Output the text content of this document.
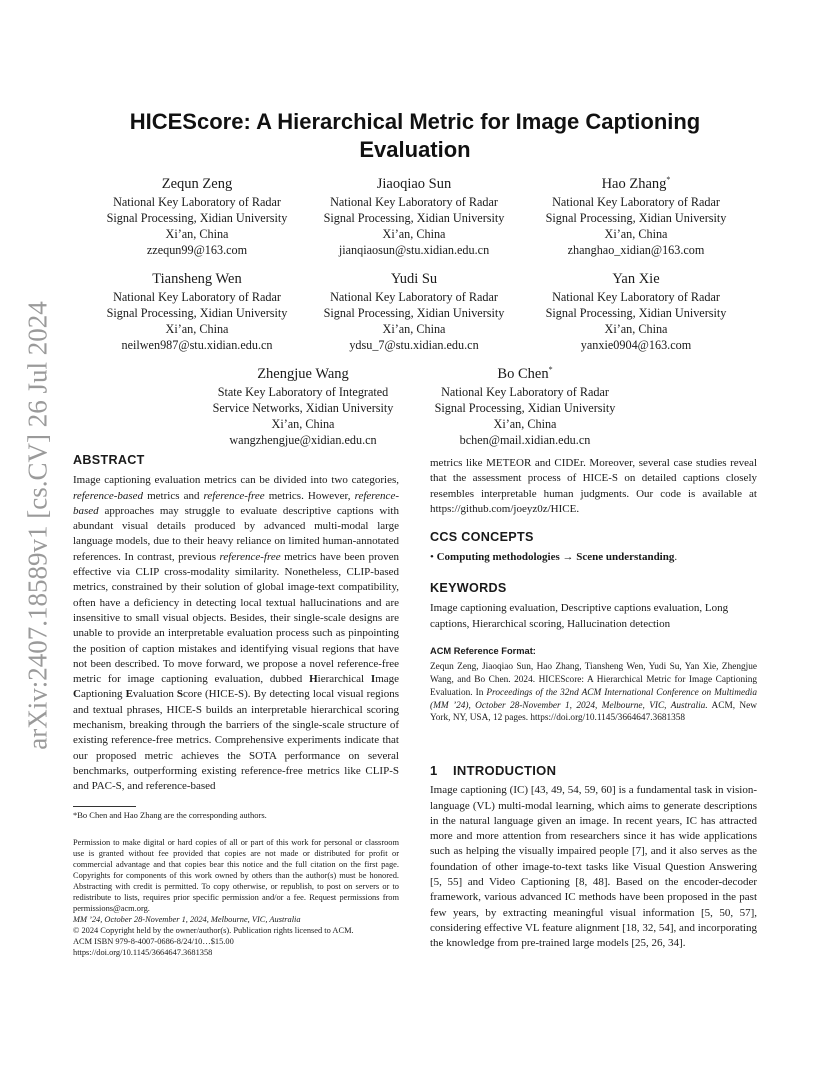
arXiv:2407.18589v1 [cs.CV] 26 Jul 2024
HICEScore: A Hierarchical Metric for Image Captioning Evaluation
Zequn Zeng
National Key Laboratory of Radar
Signal Processing, Xidian University
Xi’an, China
zzequn99@163.com
Jiaoqiao Sun
National Key Laboratory of Radar
Signal Processing, Xidian University
Xi’an, China
jianqiaosun@stu.xidian.edu.cn
Hao Zhang*
National Key Laboratory of Radar
Signal Processing, Xidian University
Xi’an, China
zhanghao_xidian@163.com
Tiansheng Wen
National Key Laboratory of Radar
Signal Processing, Xidian University
Xi’an, China
neilwen987@stu.xidian.edu.cn
Yudi Su
National Key Laboratory of Radar
Signal Processing, Xidian University
Xi’an, China
ydsu_7@stu.xidian.edu.cn
Yan Xie
National Key Laboratory of Radar
Signal Processing, Xidian University
Xi’an, China
yanxie0904@163.com
Zhengjue Wang
State Key Laboratory of Integrated
Service Networks, Xidian University
Xi’an, China
wangzhengjue@xidian.edu.cn
Bo Chen*
National Key Laboratory of Radar
Signal Processing, Xidian University
Xi’an, China
bchen@mail.xidian.edu.cn
ABSTRACT

Image captioning evaluation metrics can be divided into two categories, reference-based metrics and reference-free metrics. However, reference-based approaches may struggle to evaluate descriptive captions with abundant visual details produced by advanced multi-modal large language models, due to their heavy reliance on limited human-annotated references. In contrast, previous reference-free metrics have been proven effective via CLIP cross-modality similarity. Nonetheless, CLIP-based metrics, constrained by their solution of global image-text compatibility, often have a deficiency in detecting local textual hallucinations and are insensitive to small visual objects. Besides, their single-scale designs are unable to provide an interpretable evaluation process such as pinpointing the position of caption mistakes and identifying visual regions that have not been described. To move forward, we propose a novel reference-free metric for image captioning evaluation, dubbed Hierarchical Image Captioning Evaluation Score (HICE-S). By detecting local visual regions and textual phrases, HICE-S builds an interpretable hierarchical scoring mechanism, breaking through the barriers of the single-scale structure of existing reference-free metrics. Comprehensive experiments indicate that our proposed metric achieves the SOTA performance on several benchmarks, outperforming existing reference-free metrics like CLIP-S and PAC-S, and reference-based

*Bo Chen and Hao Zhang are the corresponding authors.
Permission to make digital or hard copies of all or part of this work for personal or classroom use is granted without fee provided that copies are not made or distributed for profit or commercial advantage and that copies bear this notice and the full citation on the first page. Copyrights for components of this work owned by others than the author(s) must be honored. Abstracting with credit is permitted. To copy otherwise, or republish, to post on servers or to redistribute to lists, requires prior specific permission and/or a fee. Request permissions from permissions@acm.org.
MM ’24, October 28-November 1, 2024, Melbourne, VIC, Australia
© 2024 Copyright held by the owner/author(s). Publication rights licensed to ACM.
ACM ISBN 979-8-4007-0686-8/24/10…$15.00
https://doi.org/10.1145/3664647.3681358

metrics like METEOR and CIDEr. Moreover, several case studies reveal that the assessment process of HICE-S on detailed captions closely resembles interpretable human judgments. Our code is available at https://github.com/joeyz0z/HICE.

CCS CONCEPTS
• Computing methodologies → Scene understanding.
KEYWORDS

Image captioning evaluation, Descriptive captions evaluation, Long captions, Hierarchical scoring, Hallucination detection

ACM Reference Format:
Zequn Zeng, Jiaoqiao Sun, Hao Zhang, Tiansheng Wen, Yudi Su, Yan Xie, Zhengjue Wang, and Bo Chen. 2024. HICEScore: A Hierarchical Metric for Image Captioning Evaluation. In Proceedings of the 32nd ACM International Conference on Multimedia (MM ’24), October 28-November 1, 2024, Melbourne, VIC, Australia. ACM, New York, NY, USA, 12 pages. https://doi.org/10.1145/3664647.3681358
1 INTRODUCTION

Image captioning (IC) [43, 49, 54, 59, 60] is a fundamental task in vision-language (VL) multi-modal learning, which aims to generate descriptions in the natural language given an image. In recent years, IC has attracted more and more attention from researchers since it has wide applications such as helping the visually impaired people [7], and it also serves as the foundation of other image-to-text tasks like Visual Question Answering [5, 55] and Video Captioning [8, 48]. Based on the encoder-decoder framework, various advanced IC methods have been proposed in the past few years, by extracting meaningful visual information [5, 50, 57], considering effective VL feature alignment [18, 32, 54], and incorporating the knowledge from pre-trained large models [25, 26, 34].
